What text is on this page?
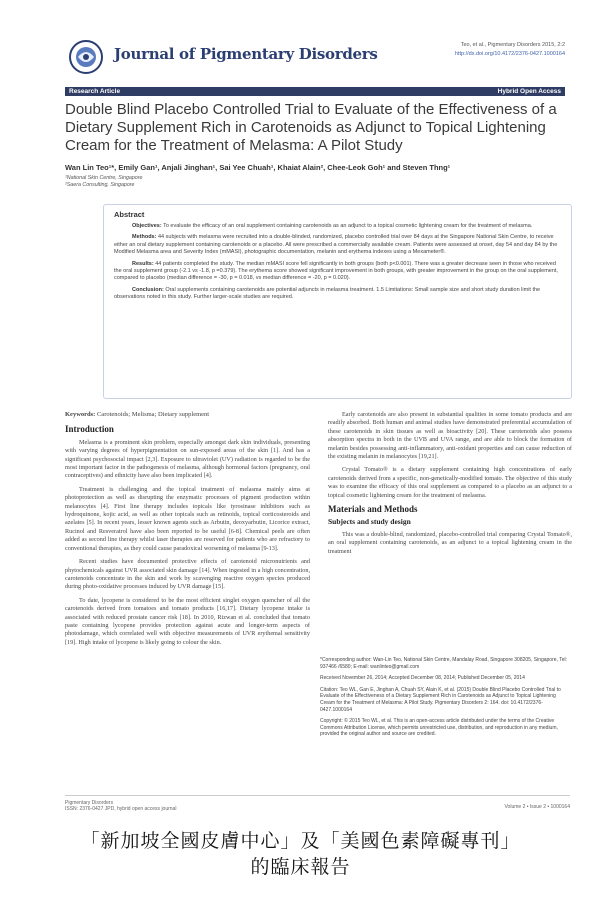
Journal of Pigmentary Disorders	Teo, et al., Pigmentary Disorders 2015, 2:2
http://dx.doi.org/10.4172/2376-0427.1000164
Research Article	Hybrid Open Access
Double Blind Placebo Controlled Trial to Evaluate of the Effectiveness of a Dietary Supplement Rich in Carotenoids as Adjunct to Topical Lightening Cream for the Treatment of Melasma: A Pilot Study
Wan Lin Teo¹*, Emily Gan¹, Anjali Jinghan¹, Sai Yee Chuah¹, Khaiat Alain², Chee-Leok Goh¹ and Steven Thng¹
¹National Skin Centre, Singapore
²Saera Consulting, Singapore
Abstract

Objectives: To evaluate the efficacy of an oral supplement containing carotenoids as an adjunct to a topical cosmetic lightening cream for the treatment of melasma.

Methods: 44 subjects with melasma were recruited into a double-blinded, randomized, placebo controlled trial over 84 days at the Singapore National Skin Centre, to receive either an oral dietary supplement containing carotenoids or a placebo. All were prescribed a commercially available cream. Patients were assessed at onset, day 54 and day 84 by the Modified Melasma area and Severity Index (mMASI), photographic documentation, melanin and erythema indexes using a Mexameter®.

Results: 44 patients completed the study. The median mMASI score fell significantly in both groups (both p<0.001). There was a greater decrease seen in those who received the oral supplement group (-2.1 vs -1.8, p =0.379). The erythema score showed significant improvement in both groups, with greater improvement in the group on the oral supplement, compared to placebo (median difference = -30, p = 0.018, vs median difference = -20, p = 0.020).

Conclusion: Oral supplements containing carotenoids are potential adjuncts in melasma treatment. 1.5 Limitations: Small sample size and short study duration limit the observations noted in this study. Further larger-scale studies are required.

Keywords: Carotenoids; Melisma; Dietary supplement
Introduction

Melasma is a prominent skin problem, especially amongst dark skin individuals, presenting with varying degrees of hyperpigmentation on sun-exposed areas of the skin [1]. And has a significant psychosocial impact [2,3]. Exposure to ultraviolet (UV) radiation is regarded to be the most important factor in the pathogenesis of melasma, although hormonal factors (pregnancy, oral contraceptives) and ethnicity have also been implicated [4].

Treatment is challenging and the topical treatment of melasma mainly aims at photoprotection as well as disrupting the enzymatic processes of pigment production within melanocytes [4]. First line therapy includes topicals like tyrosinase inhibitors such as hydroquinone, kojic acid, as well as other topicals such as retinoids, topical corticosteroids and azelates [5]. In recent years, lesser known agents such as Arbutin, deoxyarbutin, Licorice extract, Rucinol and Resveratrol have also been reported to be useful [6-8]. Chemical peels are often added as second line therapy whilst laser therapies are reserved for patients who are refractory to conventional therapies, as they could cause paradoxical worsening of melasma [9-13].

Recent studies have documented protective effects of carotenoid micronutrients and phytochemicals against UVR associated skin damage [14]. When ingested in a high concentration, carotenoids concentrate in the skin and work by scavenging reactive oxygen species produced during photo-oxidative processes induced by UVR damage [15].

To date, lycopene is considered to be the most efficient singlet oxygen quencher of all the carotenoids derived from tomatoes and tomato products [16,17]. Dietary lycopene intake is associated with reduced prostate cancer risk [18]. In 2010, Rizwan et al. concluded that tomato paste containing lycopene provides protection against acute and longer-term aspects of photodamage, which correlated well with objective measurements of UVR erythemal sensitivity [19]. High intake of lycopene is likely going to colour the skin.

Early carotenoids are also present in substantial qualities in some tomato products and are readily absorbed. Both human and animal studies have demonstrated preferential accumulation of these carotenoids in skin tissues as well as bioactivity [20]. These carotenoids also possess absorption spectra in both in the UVB and UVA range, and are able to block the formation of melanin besides possessing anti-inflammatory, anti-oxidant properties and can cause reduction of the existing melanin in melanocytes [19,21].

Crystal Tomato® is a dietary supplement containing high concentrations of early carotenoids derived from a specific, non-genetically-modified tomato. The objective of this study was to examine the efficacy of this oral supplement as compared to a placebo as an adjunct to a topical cosmetic lightening cream for the treatment of melasma.

Materials and Methods
Subjects and study design

This was a double-blind, randomized, placebo-controlled trial comparing Crystal Tomato®, an oral supplement containing carotenoids, as an adjunct to a topical lightening cream in the treatment

*Corresponding author: Wan-Lin Teo, National Skin Centre, Mandalay Road, Singapore 308205, Singapore, Tel: 937466 /6580; E-mail: wanlinteo@gmail.com
Received November 26, 2014; Accepted December 08, 2014; Published December 05, 2014
Citation: Teo WL, Gan E, Jinghan A, Chuah SY, Alain K, et al. (2015) Double Blind Placebo Controlled Trial to Evaluate of the Effectiveness of a Dietary Supplement Rich in Carotenoids as Adjunct to Topical Lightening Cream for the Treatment of Melasma: A Pilot Study. Pigmentary Disorders 2: 164. doi: 10.4172/2376-0427.1000164
Copyright: © 2015 Teo WL, et al. This is an open-access article distributed under the terms of the Creative Commons Attribution License, which permits unrestricted use, distribution, and reproduction in any medium, provided the original author and source are credited.
Pigmentary Disorders
ISSN: 2376-0427 JPD, hybrid open access journal	Volume 2 • Issue 2 • 1000164
「新加坡全國皮膚中心」及「美國色素障礙專刊」
的臨床報告
